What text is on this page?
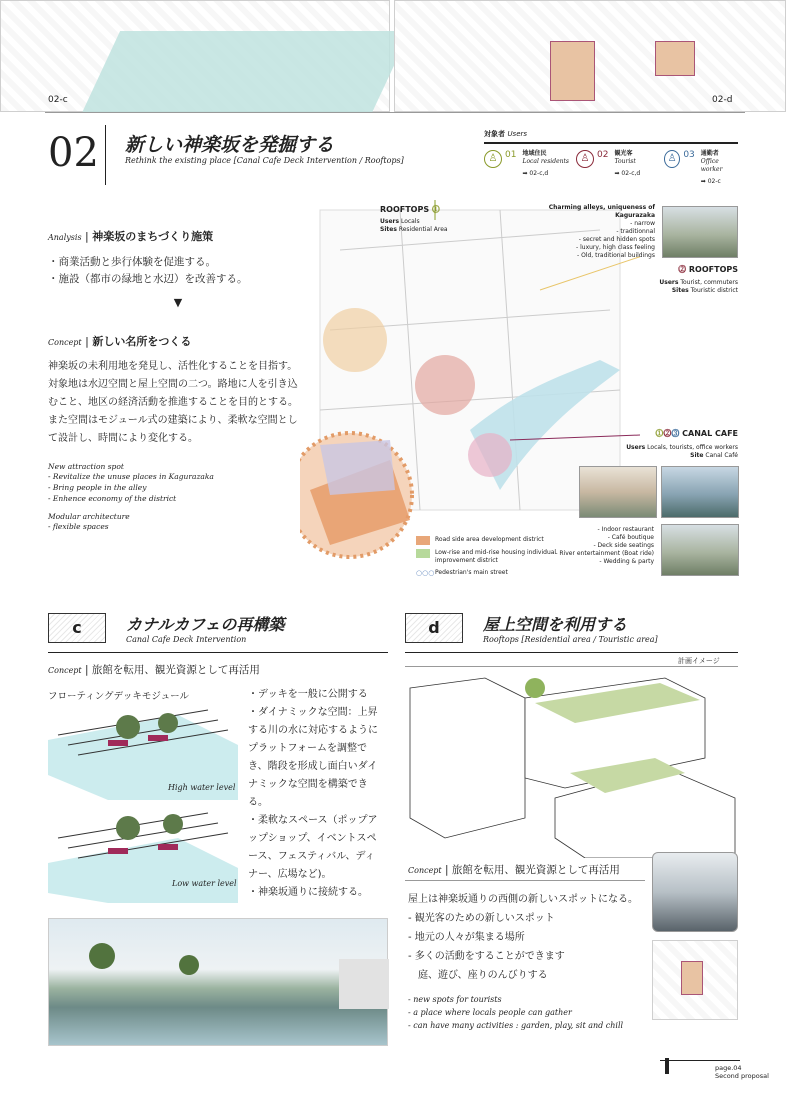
02-c	02-d
02 新しい神楽坂を発掘する
Rethink the existing place [Canal Cafe Deck Intervention / Rooftops]
対象者 Users
♙ 01 地域住民
Local residents
➡ 02-c,d
♙ 02 観光客
Tourist
➡ 02-c,d
♙ 03 通勤者
Office worker
➡ 02-c
Analysis | 神楽坂のまちづくり施策
・商業活動と歩行体験を促進する。
・施設（都市の緑地と水辺）を改善する。
▼
Concept | 新しい名所をつくる
神楽坂の未利用地を発見し、活性化することを目指す。対象地は水辺空間と屋上空間の二つ。路地に人を引き込むこと、地区の経済活動を推進することを目的とする。
また空間はモジュール式の建築により、柔軟な空間として設計し、時間により変化する。
New attraction spot
- Revitalize the unuse places in Kagurazaka
- Bring people in the alley
- Enhence economy of the district
Modular architecture
- flexible spaces
ROOFTOPS ⓵
Users Locals
Sites Residential Area
Charming alleys, uniqueness of Kagurazaka
- narrow
- traditionnal
- secret and hidden spots
- luxury, high class feeling
- Old, traditional buildings
⓶ ROOFTOPS
Users Tourist, commuters
Sites Touristic district
⓵⓶⓷ CANAL CAFE
Users Locals, tourists, office workers
Site Canal Café
- Indoor restaurant
- Café boutique
- Deck side seatings
- River entertainment (Boat ride)
- Wedding & party
Road side area development district
Low-rise and mid-rise housing individual improvement district
○○○ Pedestrian's main street
c	カナルカフェの再構築
Canal Cafe Deck Intervention
Concept | 旅館を転用、観光資源として再活用
フローティングデッキモジュール
High water level
Low water level
・デッキを一般に公開する
・ダイナミックな空間：上昇する川の水に対応するようにプラットフォームを調整でき、階段を形成し面白いダイナミックな空間を構築できる。
・柔軟なスペース（ポップアップショップ、イベントスペース、フェスティバル、ディナー、広場など)。
・神楽坂通りに接続する。
d	屋上空間を利用する
Rooftops [Residential area / Touristic area]
計画イメージ
Concept | 旅館を転用、観光資源として再活用
屋上は神楽坂通りの西側の新しいスポットになる。
- 観光客のための新しいスポット
- 地元の人々が集まる場所
- 多くの活動をすることができます
　庭、遊び、座りのんびりする
- new spots for tourists
- a place where locals people can gather
- can have many activities : garden, play, sit and chill
page.04
Second proposal
